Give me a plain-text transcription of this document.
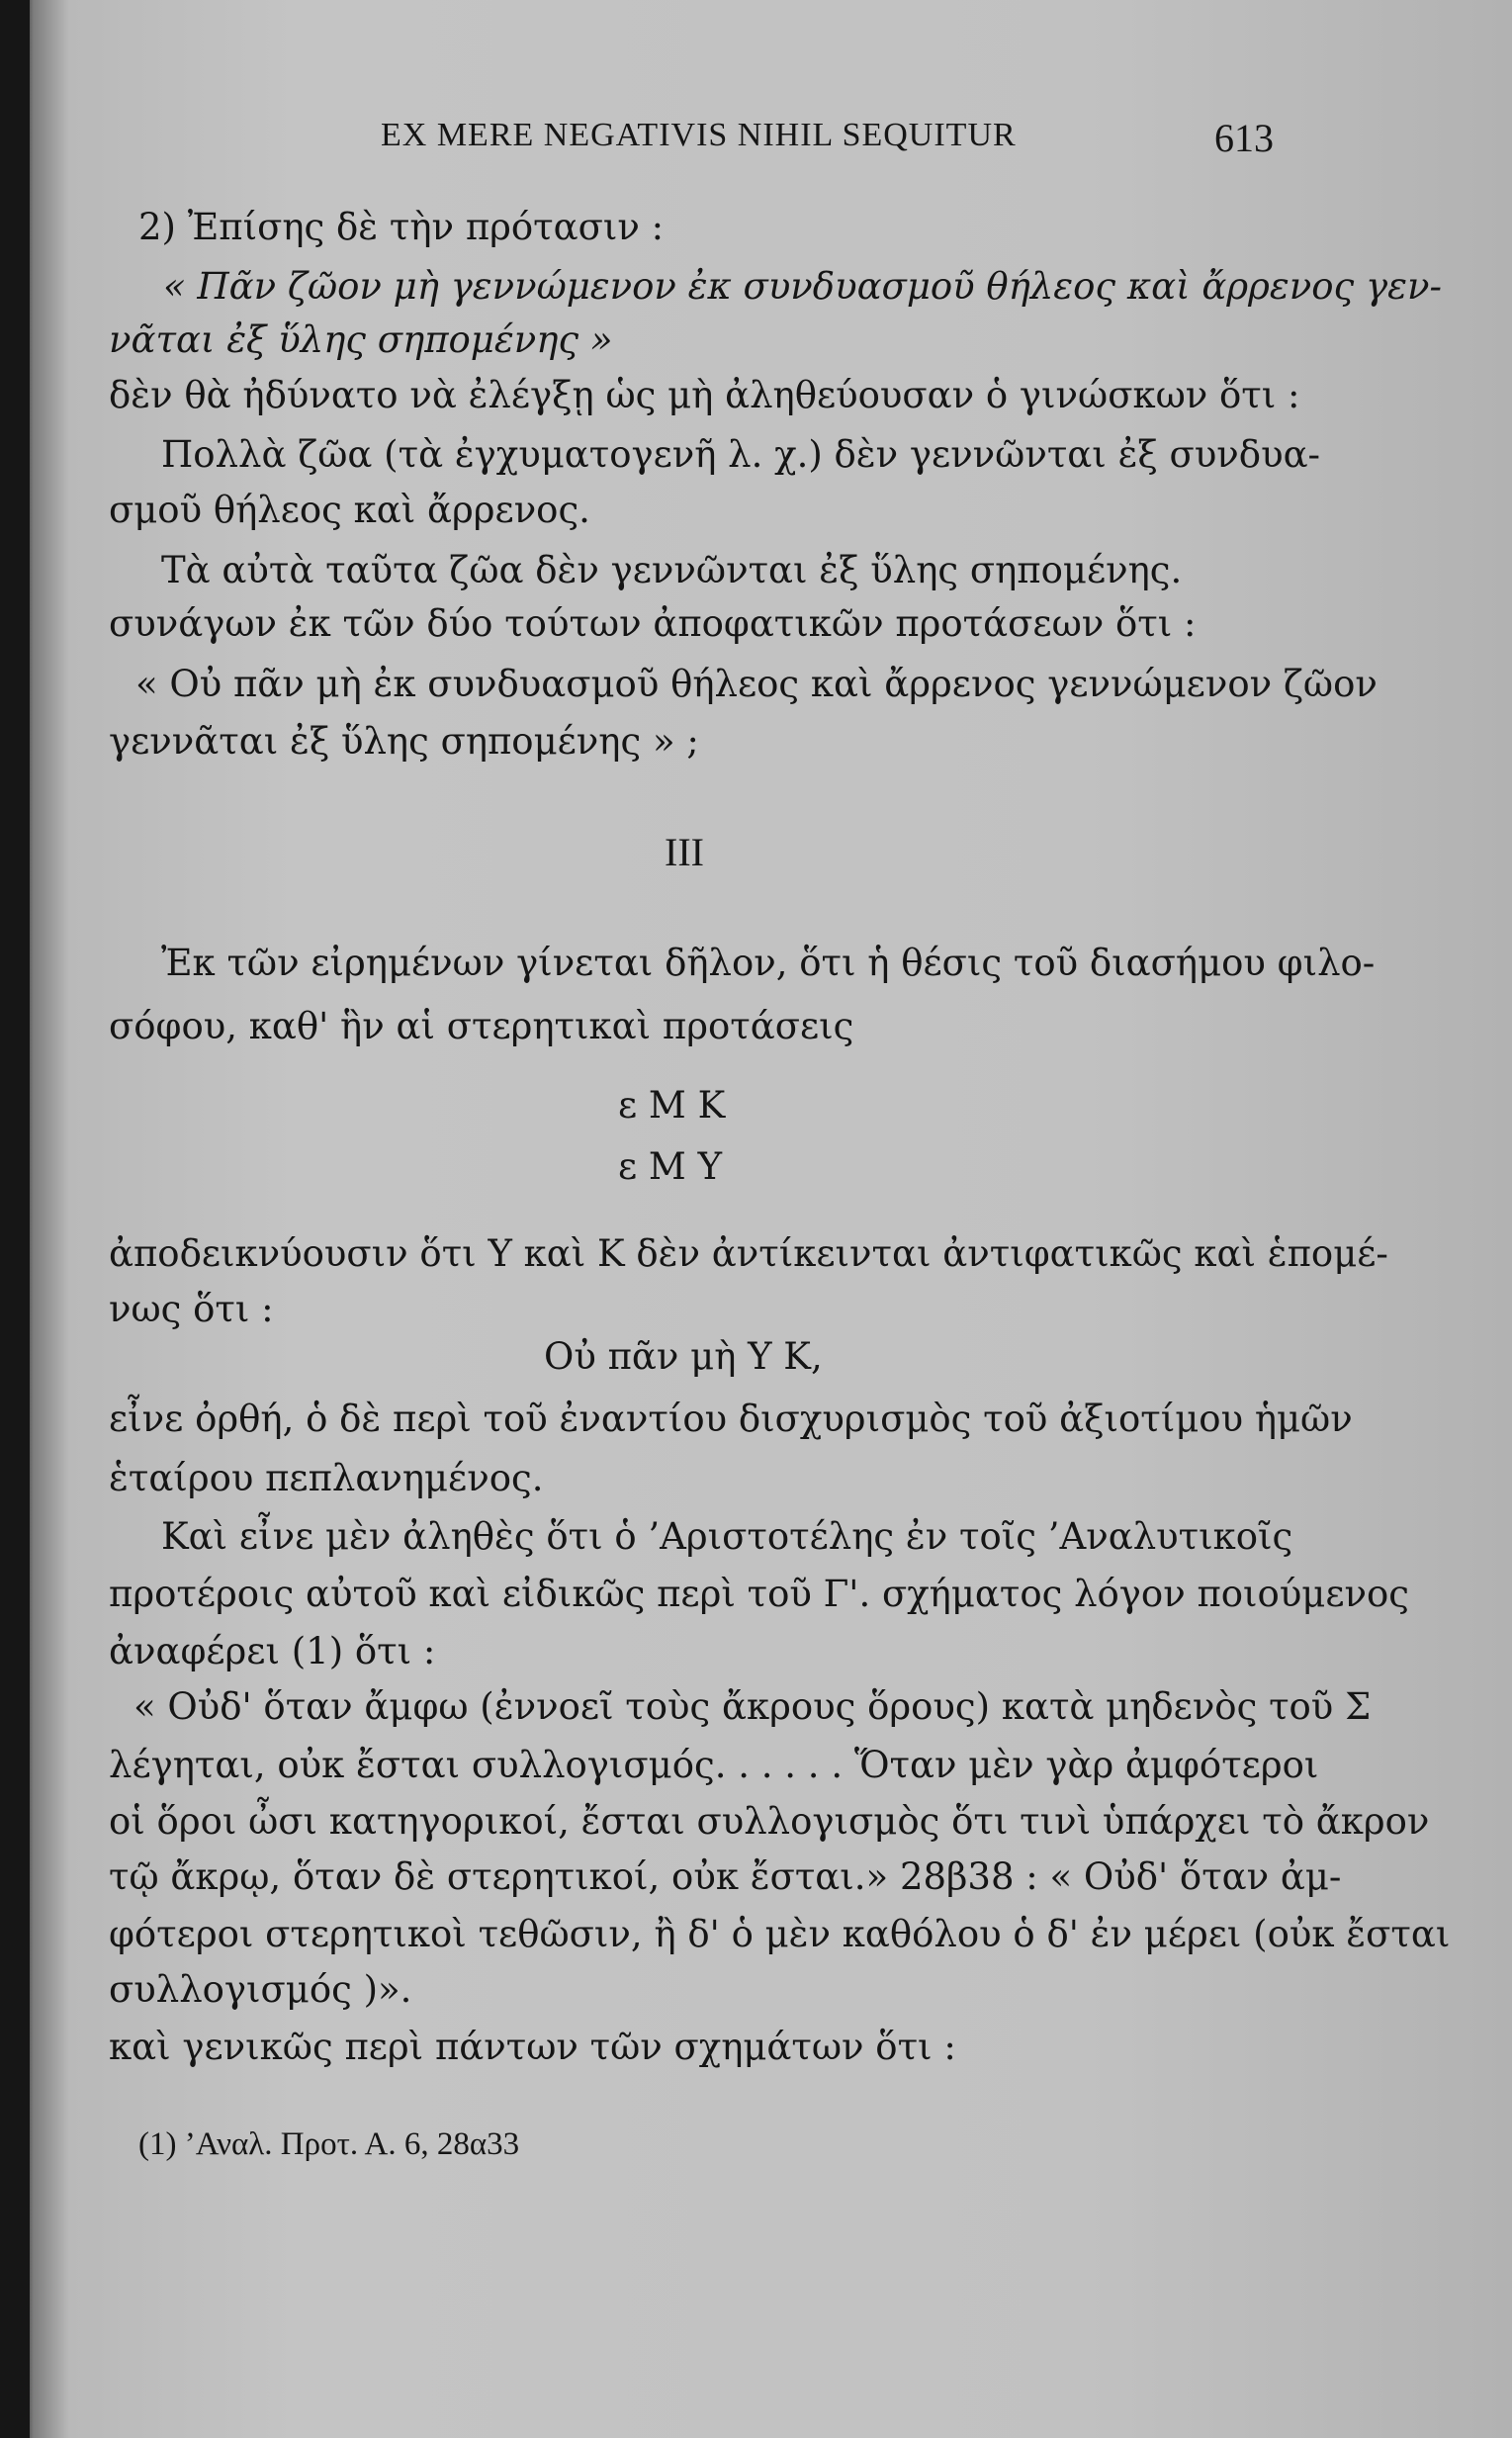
EX MERE NEGATIVIS NIHIL SEQUITUR	613
2) Ἐπίσης δὲ τὴν πρότασιν :
« Πᾶν ζῶον μὴ γεννώμενον ἐκ συνδυασμοῦ θήλεος καὶ ἄρρενος γεν-
νᾶται ἐξ ὕλης σηπομένης »
δὲν θὰ ἠδύνατο νὰ ἐλέγξῃ ὡς μὴ ἀληθεύουσαν ὁ γινώσκων ὅτι :
Πολλὰ ζῶα (τὰ ἐγχυματογενῆ λ. χ.) δὲν γεννῶνται ἐξ συνδυα-
σμοῦ θήλεος καὶ ἄρρενος.
Τὰ αὐτὰ ταῦτα ζῶα δὲν γεννῶνται ἐξ ὕλης σηπομένης.
συνάγων ἐκ τῶν δύο τούτων ἀποφατικῶν προτάσεων ὅτι :
« Οὐ πᾶν μὴ ἐκ συνδυασμοῦ θήλεος καὶ ἄρρενος γεννώμενον ζῶον
γεννᾶται ἐξ ὕλης σηπομένης » ;
III
Ἐκ τῶν εἰρημένων γίνεται δῆλον, ὅτι ἡ θέσις τοῦ διασήμου φιλο-
σόφου, καθ' ἣν αἱ στερητικαὶ προτάσεις
ε Μ Κ
ε Μ Υ
ἀποδεικνύουσιν ὅτι Υ καὶ Κ δὲν ἀντίκεινται ἀντιφατικῶς καὶ ἑπομέ-
νως ὅτι :
Οὐ πᾶν μὴ Υ Κ,
εἶνε ὀρθή, ὁ δὲ περὶ τοῦ ἐναντίου δισχυρισμὸς τοῦ ἀξιοτίμου ἡμῶν
ἑταίρου πεπλανημένος.
Καὶ εἶνε μὲν ἀληθὲς ὅτι ὁ ’Αριστοτέλης ἐν τοῖς ’Αναλυτικοῖς
προτέροις αὐτοῦ καὶ εἰδικῶς περὶ τοῦ Γ'. σχήματος λόγον ποιούμενος
ἀναφέρει (1) ὅτι :
« Οὐδ' ὅταν ἄμφω (ἐννοεῖ τοὺς ἄκρους ὅρους) κατὰ μηδενὸς τοῦ Σ
λέγηται, οὐκ ἔσται συλλογισμός. . . . . . Ὅταν μὲν γὰρ ἀμφότεροι
οἱ ὅροι ὦσι κατηγορικοί, ἔσται συλλογισμὸς ὅτι τινὶ ὑπάρχει τὸ ἄκρον
τῷ ἄκρῳ, ὅταν δὲ στερητικοί, οὐκ ἔσται.» 28β38 : « Οὐδ' ὅταν ἀμ-
φότεροι στερητικοὶ τεθῶσιν, ἢ δ' ὁ μὲν καθόλου ὁ δ' ἐν μέρει (οὐκ ἔσται
συλλογισμός )».
καὶ γενικῶς περὶ πάντων τῶν σχημάτων ὅτι :
(1) ’Αναλ. Προτ. Α. 6, 28α33
